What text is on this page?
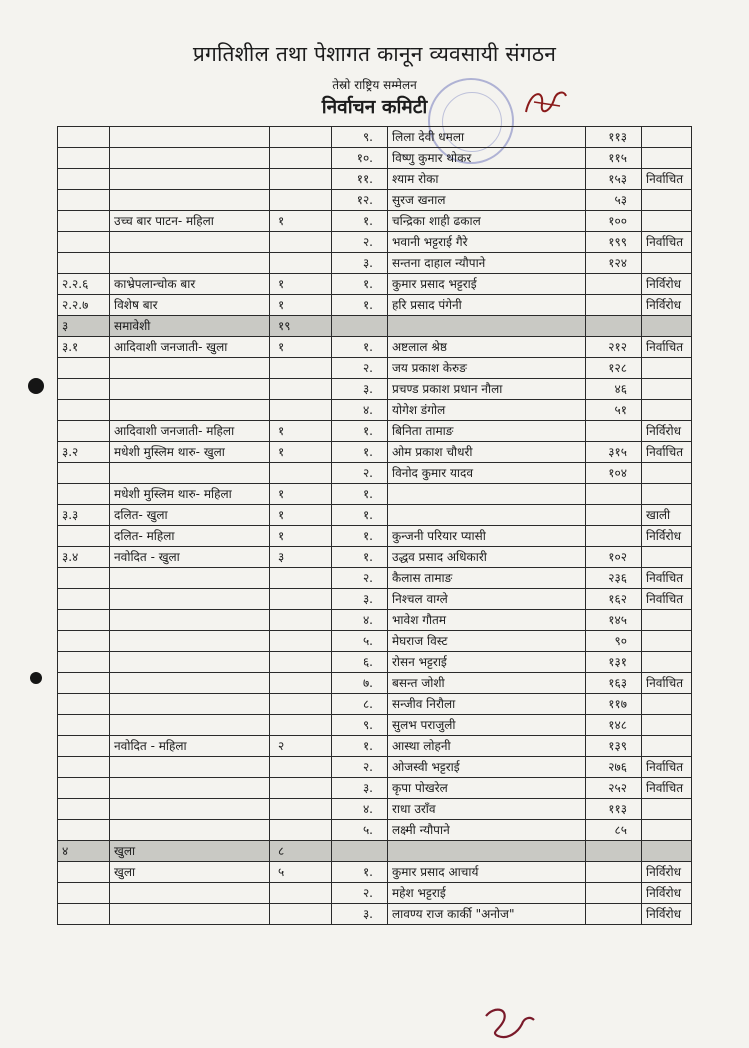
प्रगतिशील तथा पेशागत कानून व्यवसायी संगठन
तेस्रो राष्ट्रिय सम्मेलन
निर्वाचन कमिटी
			९.	लिला देवी धमला	११३	
			१०.	विष्णु कुमार थोकर	११५	
			११.	श्याम रोका	१५३	निर्वाचित
			१२.	सुरज खनाल	५३	
	उच्च बार पाटन- महिला	१	१.	चन्द्रिका शाही ढकाल	१००	
			२.	भवानी भट्टराई गैरे	१९९	निर्वाचित
			३.	सन्तना दाहाल न्यौपाने	१२४	
२.२.६	काभ्रेपलान्चोक बार	१	१.	कुमार प्रसाद भट्टराई		निर्विरोध
२.२.७	विशेष बार	१	१.	हरि प्रसाद पंगेनी		निर्विरोध
३	समावेशी	१९				
३.१	आदिवाशी जनजाती- खुला	१	१.	अष्टलाल श्रेष्ठ	२१२	निर्वाचित
			२.	जय प्रकाश केरुङ	१२८	
			३.	प्रचण्ड प्रकाश प्रधान नौला	४६	
			४.	योगेश डंगोल	५१	
	आदिवाशी जनजाती- महिला	१	१.	बिनिता तामाङ		निर्विरोध
३.२	मधेशी मुस्लिम थारु- खुला	१	१.	ओम प्रकाश चौधरी	३१५	निर्वाचित
			२.	विनोद कुमार यादव	१०४	
	मधेशी मुस्लिम थारु- महिला	१	१.			
३.३	दलित- खुला	१	१.			खाली
	दलित- महिला	१	१.	कुन्जनी परियार प्यासी		निर्विरोध
३.४	नवोदित - खुला	३	१.	उद्धव प्रसाद अधिकारी	१०२	
			२.	कैलास तामाङ	२३६	निर्वाचित
			३.	निश्चल वाग्ले	१६२	निर्वाचित
			४.	भावेश गौतम	१४५	
			५.	मेघराज विस्ट	९०	
			६.	रोसन भट्टराई	१३१	
			७.	बसन्त जोशी	१६३	निर्वाचित
			८.	सन्जीव निरौला	११७	
			९.	सुलभ पराजुली	१४८	
	नवोदित - महिला	२	१.	आस्था लोहनी	१३९	
			२.	ओजस्वी भट्टराई	२७६	निर्वाचित
			३.	कृपा पोखरेल	२५२	निर्वाचित
			४.	राधा उराँव	११३	
			५.	लक्ष्मी न्यौपाने	८५	
४	खुला	८				
	खुला	५	१.	कुमार प्रसाद आचार्य		निर्विरोध
			२.	महेश भट्टराई		निर्विरोध
			३.	लावण्य राज कार्की "अनोज"		निर्विरोध
